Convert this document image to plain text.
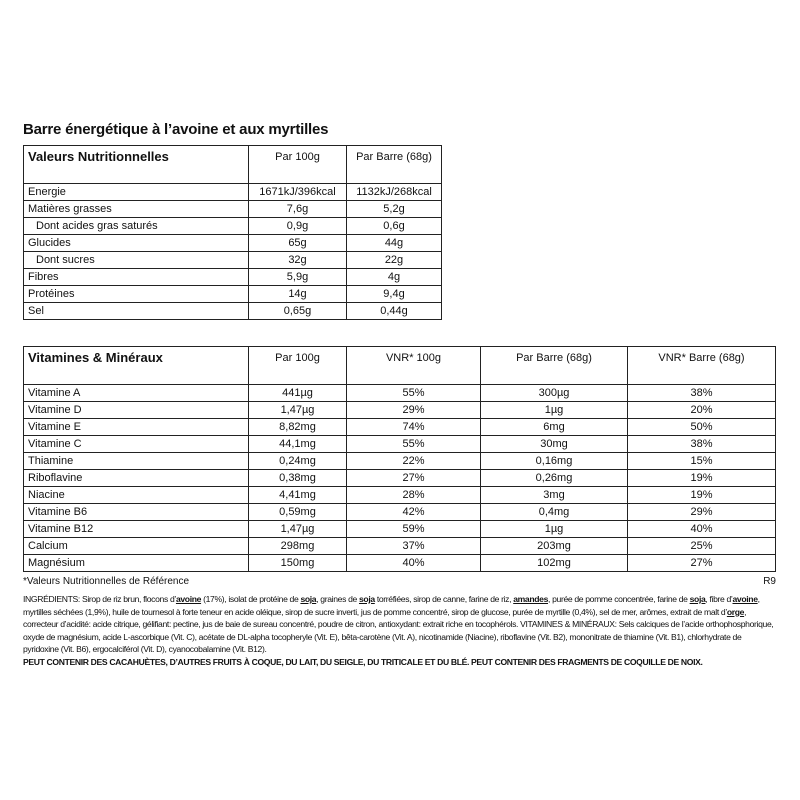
Barre énergétique à l’avoine et aux myrtilles
Valeurs Nutritionnelles	Par 100g	Par Barre (68g)
Energie	1671kJ/396kcal	1132kJ/268kcal
Matières grasses	7,6g	5,2g
Dont acides gras saturés	0,9g	0,6g
Glucides	65g	44g
Dont sucres	32g	22g
Fibres	5,9g	4g
Protéines	14g	9,4g
Sel	0,65g	0,44g
Vitamines & Minéraux	Par 100g	VNR* 100g	Par Barre (68g)	VNR* Barre (68g)
Vitamine A	441µg	55%	300µg	38%
Vitamine D	1,47µg	29%	1µg	20%
Vitamine E	8,82mg	74%	6mg	50%
Vitamine C	44,1mg	55%	30mg	38%
Thiamine	0,24mg	22%	0,16mg	15%
Riboflavine	0,38mg	27%	0,26mg	19%
Niacine	4,41mg	28%	3mg	19%
Vitamine B6	0,59mg	42%	0,4mg	29%
Vitamine B12	1,47µg	59%	1µg	40%
Calcium	298mg	37%	203mg	25%
Magnésium	150mg	40%	102mg	27%
*Valeurs Nutritionnelles de Référence	R9
INGRÉDIENTS: Sirop de riz brun, flocons d’avoine (17%), isolat de protéine de soja, graines de soja torréfiées, sirop de canne, farine de riz, amandes, purée de pomme concentrée, farine de soja, fibre d’avoine, myrtilles séchées (1,9%), huile de tournesol à forte teneur en acide oléique, sirop de sucre inverti, jus de pomme concentré, sirop de glucose, purée de myrtille (0,4%), sel de mer, arômes, extrait de malt d’orge, correcteur d’acidité: acide citrique, gélifiant: pectine, jus de baie de sureau concentré, poudre de citron, antioxydant: extrait riche en tocophérols. VITAMINES & MINÉRAUX: Sels calciques de l’acide orthophosphorique, oxyde de magnésium, acide L-ascorbique (Vit. C), acétate de DL-alpha tocopheryle (Vit. E), bêta-carotène (Vit. A), nicotinamide (Niacine), riboflavine (Vit. B2), mononitrate de thiamine (Vit. B1), chlorhydrate de pyridoxine (Vit. B6), ergocalciférol (Vit. D), cyanocobalamine (Vit. B12).
PEUT CONTENIR DES CACAHUÈTES, D’AUTRES FRUITS À COQUE, DU LAIT, DU SEIGLE, DU TRITICALE ET DU BLÉ. PEUT CONTENIR DES FRAGMENTS DE COQUILLE DE NOIX.
